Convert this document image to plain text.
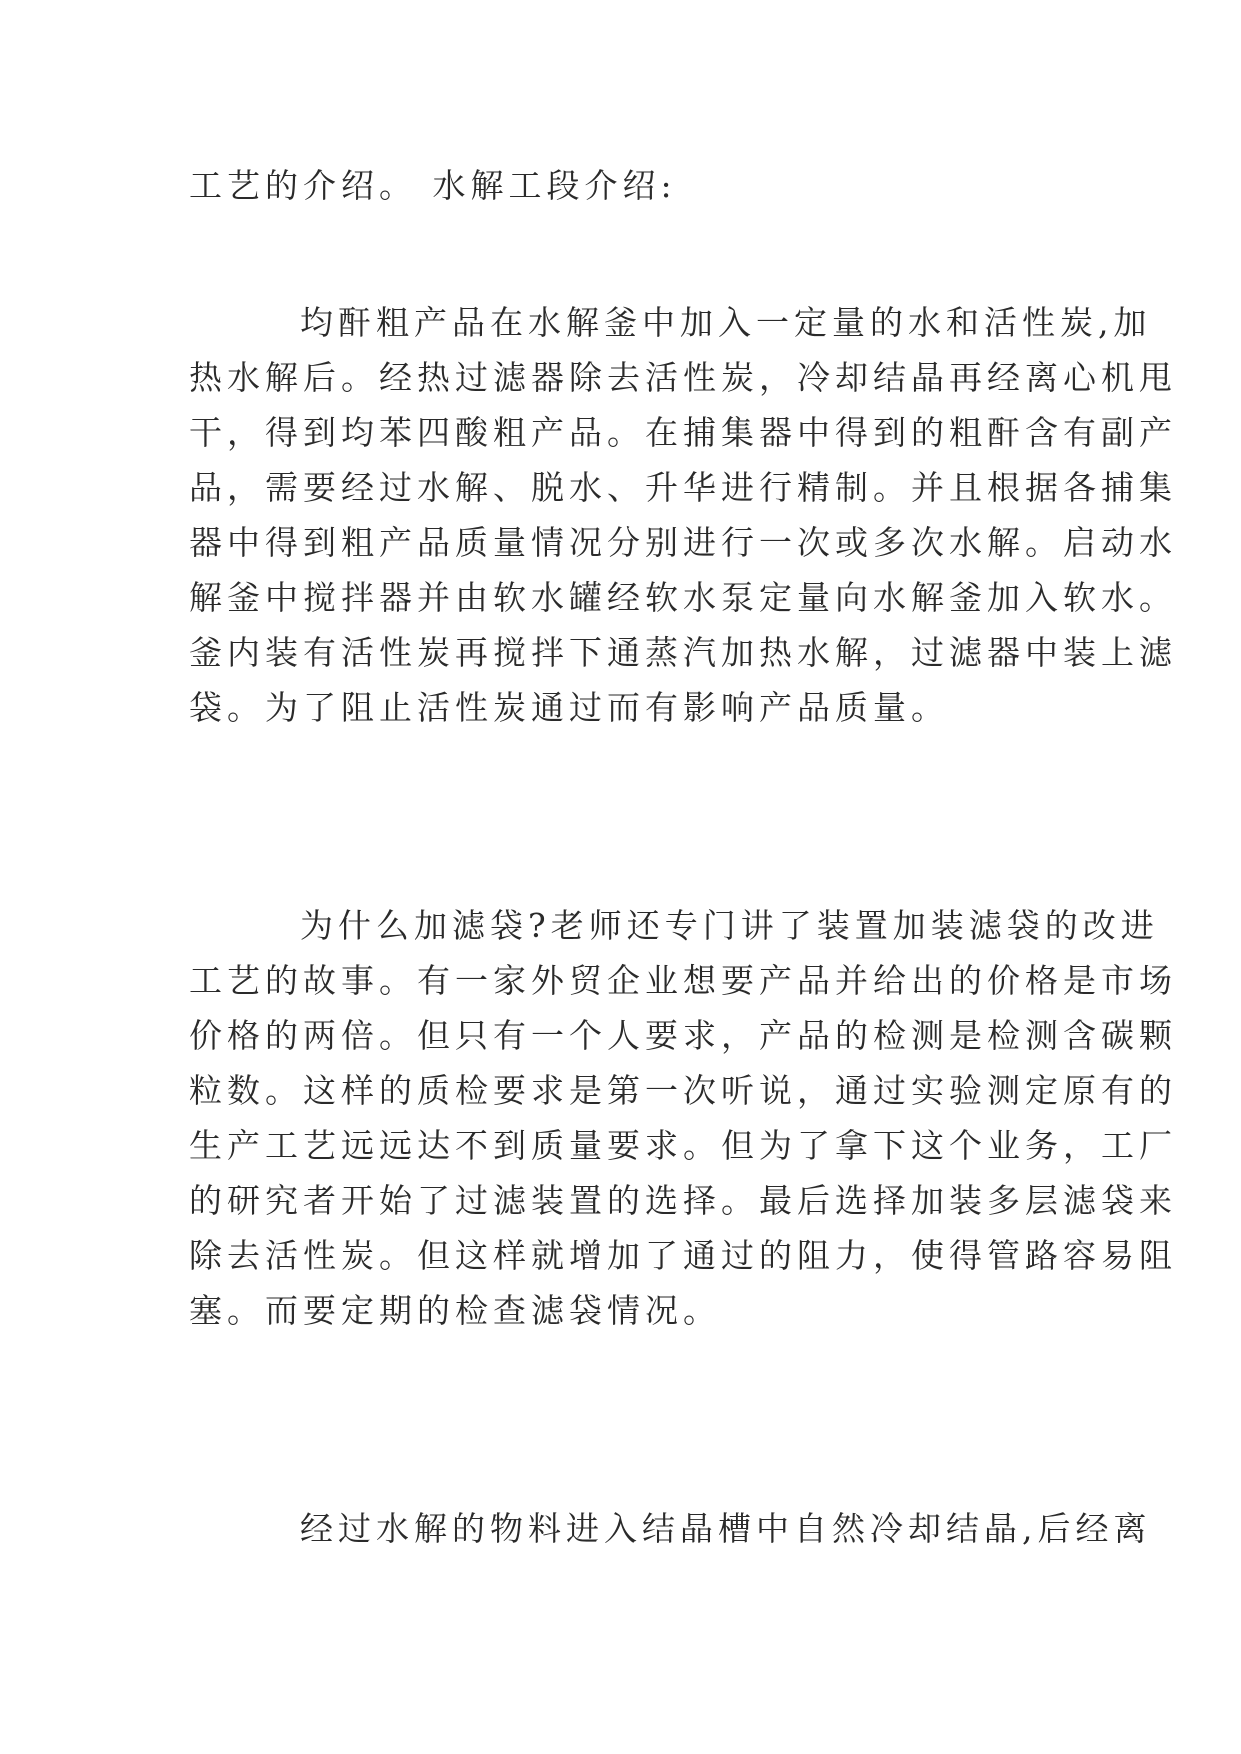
工艺的介绍。 水解工段介绍:
均酐粗产品在水解釜中加入一定量的水和活性炭,加
热水解后。经热过滤器除去活性炭，冷却结晶再经离心机甩
干，得到均苯四酸粗产品。在捕集器中得到的粗酐含有副产
品，需要经过水解、脱水、升华进行精制。并且根据各捕集
器中得到粗产品质量情况分别进行一次或多次水解。启动水
解釜中搅拌器并由软水罐经软水泵定量向水解釜加入软水。
釜内装有活性炭再搅拌下通蒸汽加热水解，过滤器中装上滤
袋。为了阻止活性炭通过而有影响产品质量。
为什么加滤袋?老师还专门讲了装置加装滤袋的改进
工艺的故事。有一家外贸企业想要产品并给出的价格是市场
价格的两倍。但只有一个人要求，产品的检测是检测含碳颗
粒数。这样的质检要求是第一次听说，通过实验测定原有的
生产工艺远远达不到质量要求。但为了拿下这个业务，工厂
的研究者开始了过滤装置的选择。最后选择加装多层滤袋来
除去活性炭。但这样就增加了通过的阻力，使得管路容易阻
塞。而要定期的检查滤袋情况。
经过水解的物料进入结晶槽中自然冷却结晶,后经离
